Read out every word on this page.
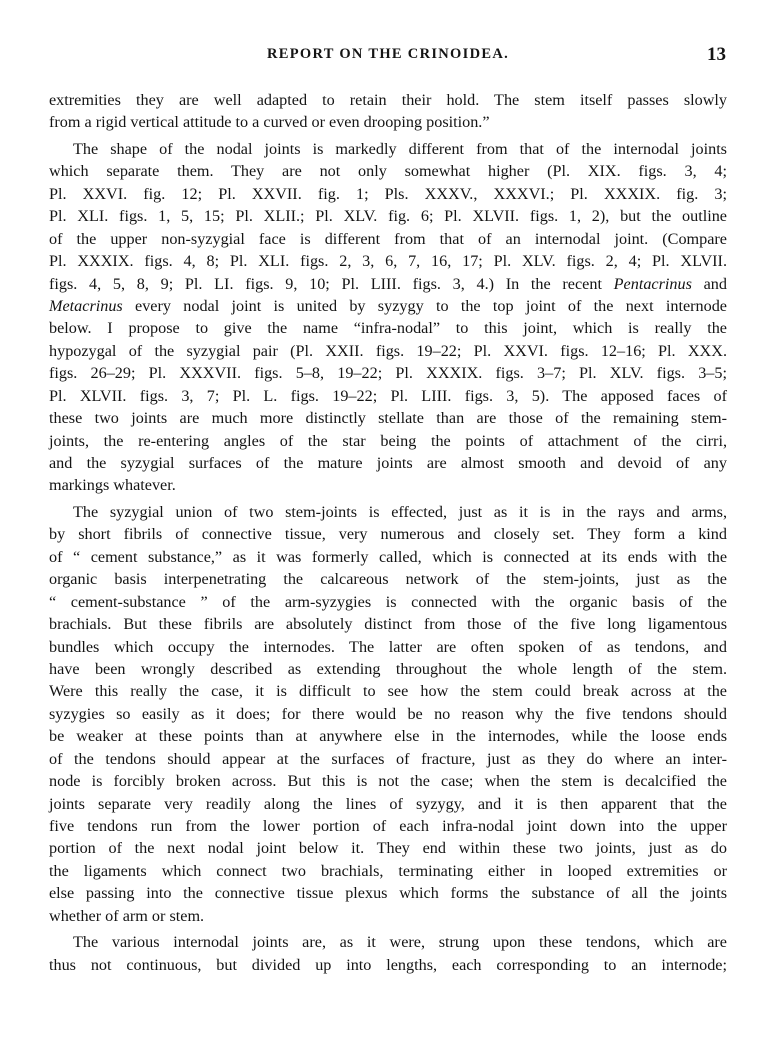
REPORT ON THE CRINOIDEA.	13
extremities they are well adapted to retain their hold. The stem itself passes slowly
from a rigid vertical attitude to a curved or even drooping position.”
The shape of the nodal joints is markedly different from that of the internodal joints
which separate them. They are not only somewhat higher (Pl. XIX. figs. 3, 4;
Pl. XXVI. fig. 12; Pl. XXVII. fig. 1; Pls. XXXV., XXXVI.; Pl. XXXIX. fig. 3;
Pl. XLI. figs. 1, 5, 15; Pl. XLII.; Pl. XLV. fig. 6; Pl. XLVII. figs. 1, 2), but the outline
of the upper non-syzygial face is different from that of an internodal joint. (Compare
Pl. XXXIX. figs. 4, 8; Pl. XLI. figs. 2, 3, 6, 7, 16, 17; Pl. XLV. figs. 2, 4; Pl. XLVII.
figs. 4, 5, 8, 9; Pl. LI. figs. 9, 10; Pl. LIII. figs. 3, 4.) In the recent Pentacrinus and
Metacrinus every nodal joint is united by syzygy to the top joint of the next internode
below. I propose to give the name “infra-nodal” to this joint, which is really the
hypozygal of the syzygial pair (Pl. XXII. figs. 19–22; Pl. XXVI. figs. 12–16; Pl. XXX.
figs. 26–29; Pl. XXXVII. figs. 5–8, 19–22; Pl. XXXIX. figs. 3–7; Pl. XLV. figs. 3–5;
Pl. XLVII. figs. 3, 7; Pl. L. figs. 19–22; Pl. LIII. figs. 3, 5). The apposed faces of
these two joints are much more distinctly stellate than are those of the remaining stem-
joints, the re-entering angles of the star being the points of attachment of the cirri,
and the syzygial surfaces of the mature joints are almost smooth and devoid of any
markings whatever.
The syzygial union of two stem-joints is effected, just as it is in the rays and arms,
by short fibrils of connective tissue, very numerous and closely set. They form a kind
of “ cement substance,” as it was formerly called, which is connected at its ends with the
organic basis interpenetrating the calcareous network of the stem-joints, just as the
“ cement-substance ” of the arm-syzygies is connected with the organic basis of the
brachials. But these fibrils are absolutely distinct from those of the five long ligamentous
bundles which occupy the internodes. The latter are often spoken of as tendons, and
have been wrongly described as extending throughout the whole length of the stem.
Were this really the case, it is difficult to see how the stem could break across at the
syzygies so easily as it does; for there would be no reason why the five tendons should
be weaker at these points than at anywhere else in the internodes, while the loose ends
of the tendons should appear at the surfaces of fracture, just as they do where an inter-
node is forcibly broken across. But this is not the case; when the stem is decalcified the
joints separate very readily along the lines of syzygy, and it is then apparent that the
five tendons run from the lower portion of each infra-nodal joint down into the upper
portion of the next nodal joint below it. They end within these two joints, just as do
the ligaments which connect two brachials, terminating either in looped extremities or
else passing into the connective tissue plexus which forms the substance of all the joints
whether of arm or stem.
The various internodal joints are, as it were, strung upon these tendons, which are
thus not continuous, but divided up into lengths, each corresponding to an internode;
